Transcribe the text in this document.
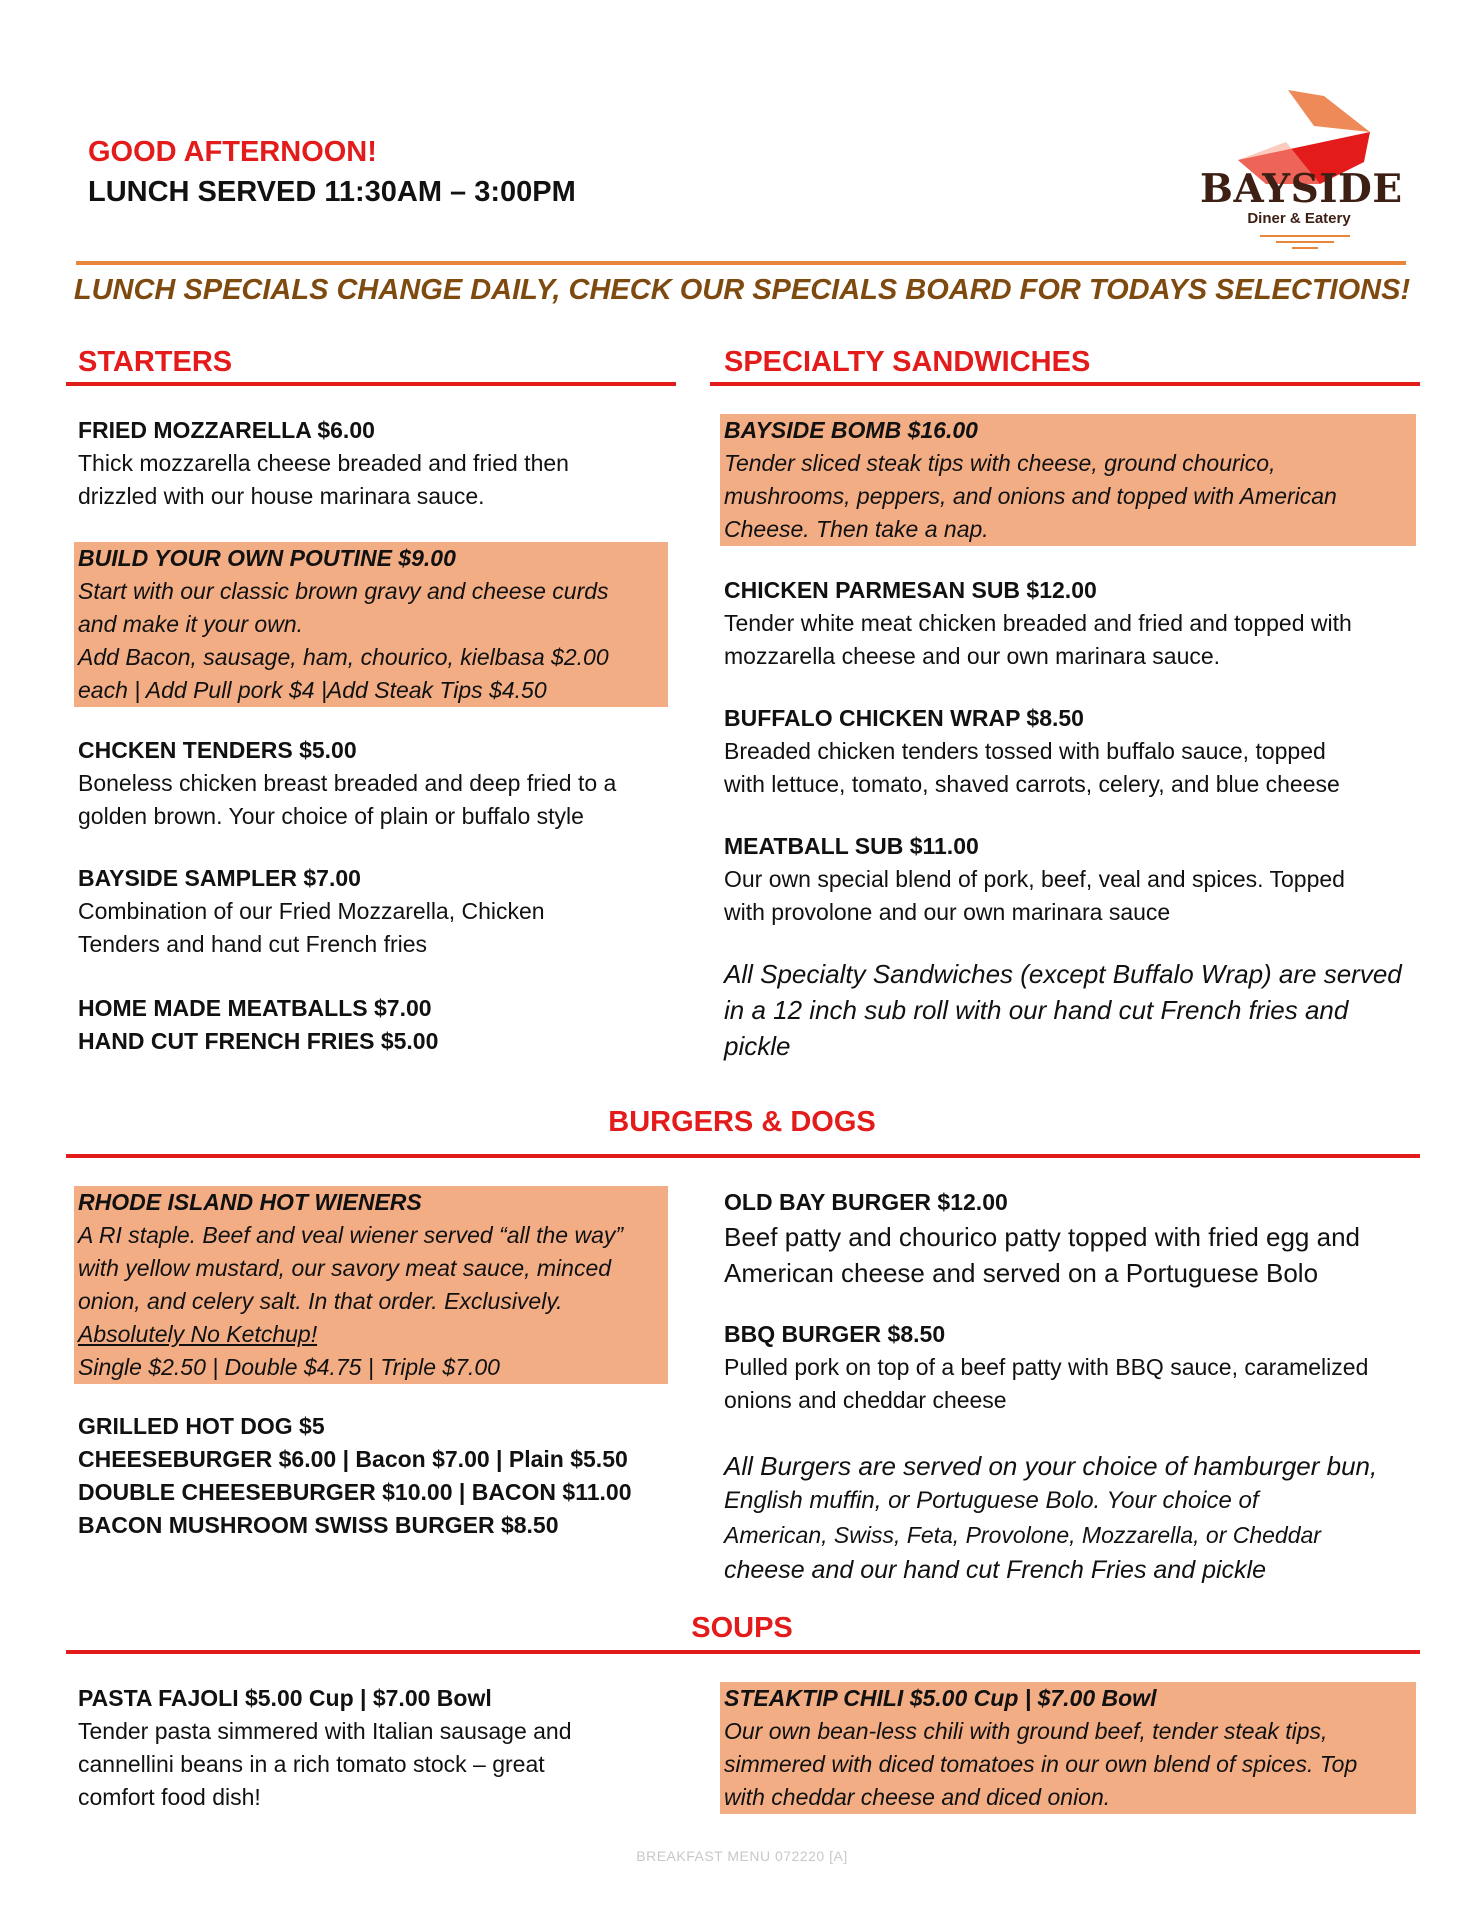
GOOD AFTERNOON!
LUNCH SERVED 11:30AM – 3:00PM	BAYSIDE
Diner & Eatery
LUNCH SPECIALS CHANGE DAILY, CHECK OUR SPECIALS BOARD FOR TODAYS SELECTIONS!
STARTERS	SPECIALTY SANDWICHES
FRIED MOZZARELLA $6.00
Thick mozzarella cheese breaded and fried then
drizzled with our house marinara sauce.
BUILD YOUR OWN POUTINE $9.00
Start with our classic brown gravy and cheese curds
and make it your own.
Add Bacon, sausage, ham, chourico, kielbasa $2.00
each | Add Pull pork $4 |Add Steak Tips $4.50
CHCKEN TENDERS $5.00
Boneless chicken breast breaded and deep fried to a
golden brown. Your choice of plain or buffalo style
BAYSIDE SAMPLER $7.00
Combination of our Fried Mozzarella, Chicken
Tenders and hand cut French fries
HOME MADE MEATBALLS $7.00
HAND CUT FRENCH FRIES $5.00
BAYSIDE BOMB $16.00
Tender sliced steak tips with cheese, ground chourico,
mushrooms, peppers, and onions and topped with American
Cheese. Then take a nap.
CHICKEN PARMESAN SUB $12.00
Tender white meat chicken breaded and fried and topped with
mozzarella cheese and our own marinara sauce.
BUFFALO CHICKEN WRAP $8.50
Breaded chicken tenders tossed with buffalo sauce, topped
with lettuce, tomato, shaved carrots, celery, and blue cheese
MEATBALL SUB $11.00
Our own special blend of pork, beef, veal and spices. Topped
with provolone and our own marinara sauce
All Specialty Sandwiches (except Buffalo Wrap) are served
in a 12 inch sub roll with our hand cut French fries and
pickle
BURGERS & DOGS
RHODE ISLAND HOT WIENERS
A RI staple. Beef and veal wiener served “all the way”
with yellow mustard, our savory meat sauce, minced
onion, and celery salt. In that order. Exclusively.
Absolutely No Ketchup!
Single $2.50 | Double $4.75 | Triple $7.00
GRILLED HOT DOG $5
CHEESEBURGER $6.00 | Bacon $7.00 | Plain $5.50
DOUBLE CHEESEBURGER $10.00 | BACON $11.00
BACON MUSHROOM SWISS BURGER $8.50
OLD BAY BURGER $12.00
Beef patty and chourico patty topped with fried egg and
American cheese and served on a Portuguese Bolo
BBQ BURGER $8.50
Pulled pork on top of a beef patty with BBQ sauce, caramelized
onions and cheddar cheese
All Burgers are served on your choice of hamburger bun,
English muffin, or Portuguese Bolo. Your choice of
American, Swiss, Feta, Provolone, Mozzarella, or Cheddar
cheese and our hand cut French Fries and pickle
SOUPS
PASTA FAJOLI $5.00 Cup | $7.00 Bowl
Tender pasta simmered with Italian sausage and
cannellini beans in a rich tomato stock – great
comfort food dish!
STEAKTIP CHILI $5.00 Cup | $7.00 Bowl
Our own bean-less chili with ground beef, tender steak tips,
simmered with diced tomatoes in our own blend of spices. Top
with cheddar cheese and diced onion.
BREAKFAST MENU 072220 [A]
